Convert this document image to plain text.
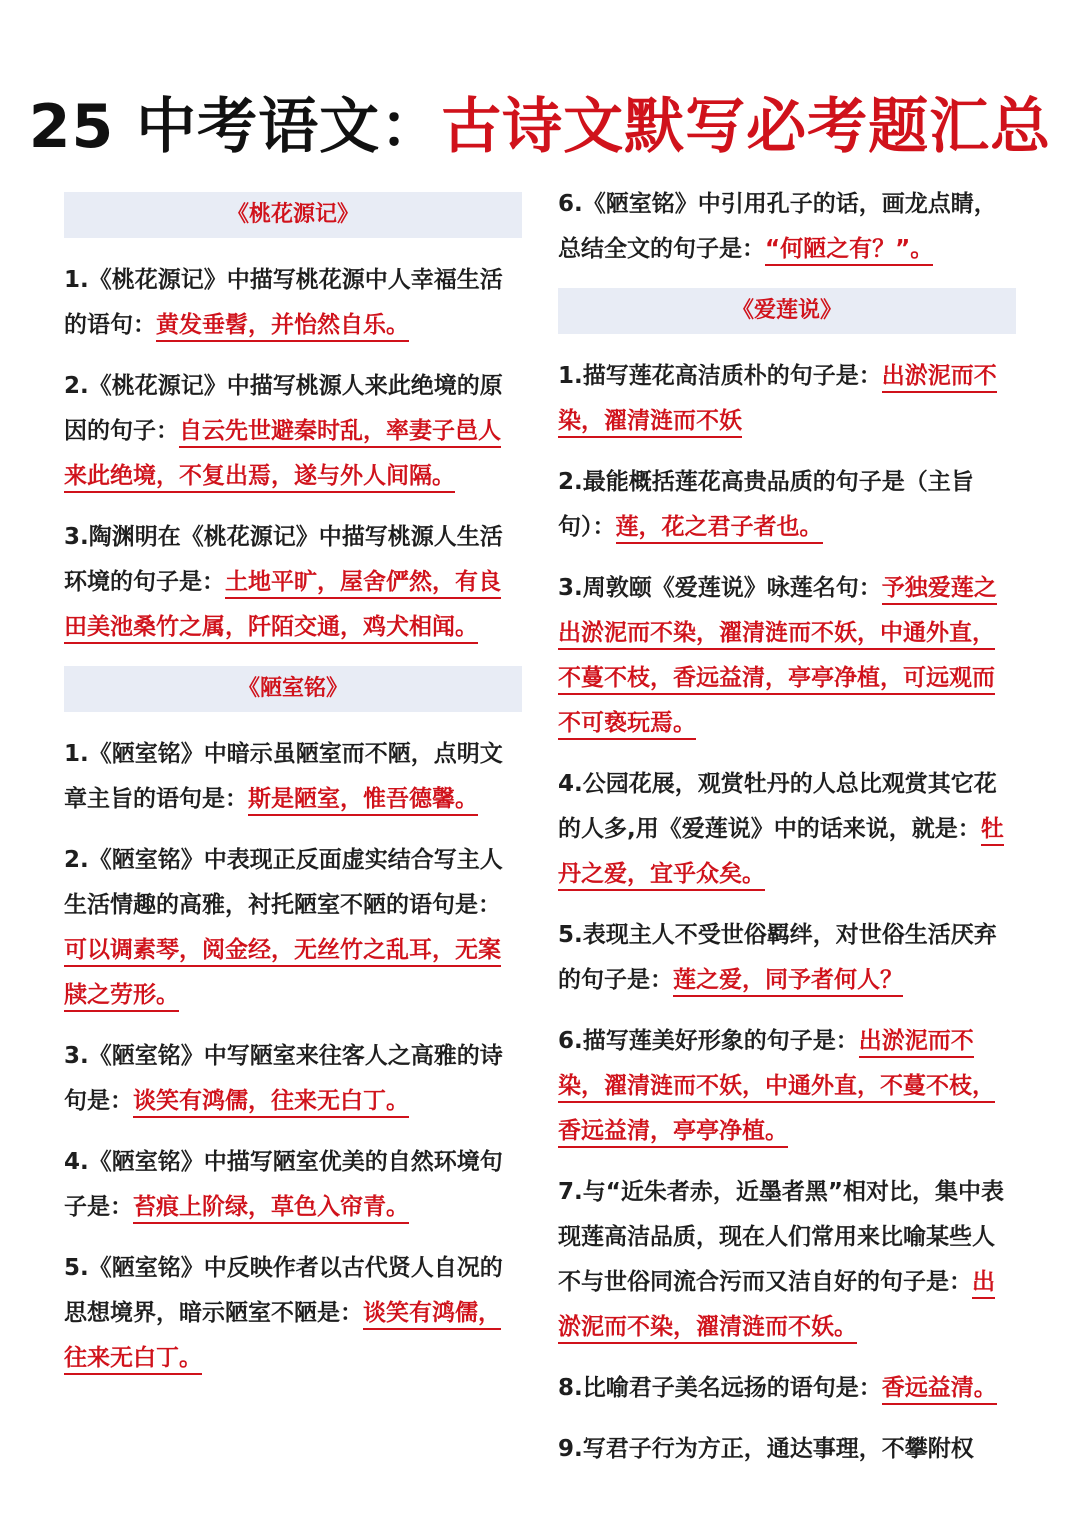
25 中考语文：古诗文默写必考题汇总
《桃花源记》
1.《桃花源记》中描写桃花源中人幸福生活的语句：黄发垂髫，并怡然自乐。
2.《桃花源记》中描写桃源人来此绝境的原因的句子：自云先世避秦时乱，率妻子邑人来此绝境，不复出焉，遂与外人间隔。
3.陶渊明在《桃花源记》中描写桃源人生活环境的句子是：土地平旷，屋舍俨然，有良田美池桑竹之属，阡陌交通，鸡犬相闻。
《陋室铭》
1.《陋室铭》中暗示虽陋室而不陋，点明文章主旨的语句是：斯是陋室，惟吾德馨。
2.《陋室铭》中表现正反面虚实结合写主人生活情趣的高雅，衬托陋室不陋的语句是：可以调素琴，阅金经，无丝竹之乱耳，无案牍之劳形。
3.《陋室铭》中写陋室来往客人之高雅的诗句是：谈笑有鸿儒，往来无白丁。
4.《陋室铭》中描写陋室优美的自然环境句子是：苔痕上阶绿，草色入帘青。
5.《陋室铭》中反映作者以古代贤人自况的思想境界，暗示陋室不陋是：谈笑有鸿儒，往来无白丁。
6.《陋室铭》中引用孔子的话，画龙点睛，总结全文的句子是：“何陋之有？”。
《爱莲说》
1.描写莲花高洁质朴的句子是：出淤泥而不染，濯清涟而不妖
2.最能概括莲花高贵品质的句子是（主旨句）：莲，花之君子者也。
3.周敦颐《爱莲说》咏莲名句：予独爱莲之出淤泥而不染，濯清涟而不妖，中通外直，不蔓不枝，香远益清，亭亭净植，可远观而不可亵玩焉。
4.公园花展，观赏牡丹的人总比观赏其它花的人多,用《爱莲说》中的话来说，就是：牡丹之爱，宜乎众矣。
5.表现主人不受世俗羁绊，对世俗生活厌弃的句子是：莲之爱，同予者何人？
6.描写莲美好形象的句子是：出淤泥而不染，濯清涟而不妖，中通外直，不蔓不枝，香远益清，亭亭净植。
7.与“近朱者赤，近墨者黑”相对比，集中表现莲高洁品质，现在人们常用来比喻某些人不与世俗同流合污而又洁自好的句子是：出淤泥而不染，濯清涟而不妖。
8.比喻君子美名远扬的语句是：香远益清。
9.写君子行为方正，通达事理，不攀附权
